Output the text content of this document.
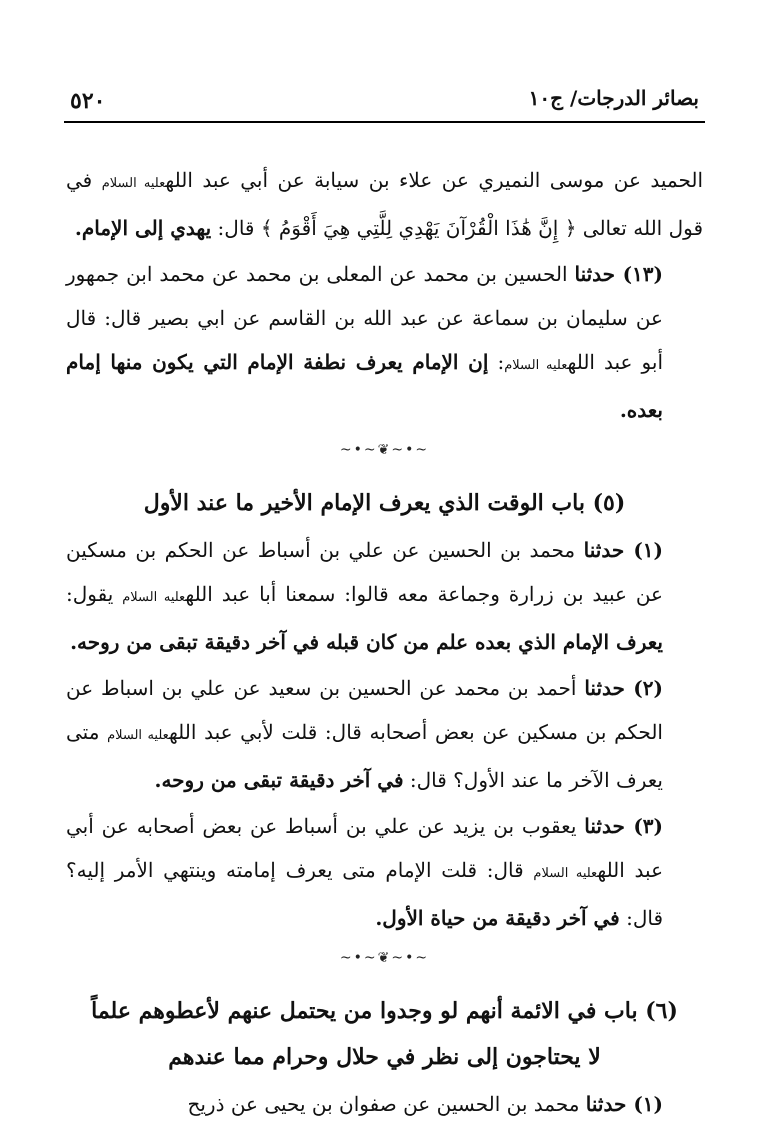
بصائر الدرجات/ ج١٠
٥٢٠

الحميد عن موسى النميري عن علاء بن سيابة عن أبي عبد اللهعليه السلام في قول الله تعالى ﴿ إِنَّ هَٰذَا الْقُرْآنَ يَهْدِي لِلَّتِي هِيَ أَقْوَمُ ﴾ قال: يهدي إلى الإمام.

(١٣) حدثنا الحسين بن محمد عن المعلى بن محمد عن محمد ابن جمهور عن سليمان بن سماعة عن عبد الله بن القاسم عن ابي بصير قال: قال أبو عبد اللهعليه السلام: إن الإمام يعرف نطفة الإمام التي يكون منها إمام بعده.

~•~❦~•~
(٥) باب الوقت الذي يعرف الإمام الأخير ما عند الأول

(١) حدثنا محمد بن الحسين عن علي بن أسباط عن الحكم بن مسكين عن عبيد بن زرارة وجماعة معه قالوا: سمعنا أبا عبد اللهعليه السلام يقول: يعرف الإمام الذي بعده علم من كان قبله في آخر دقيقة تبقى من روحه.

(٢) حدثنا أحمد بن محمد عن الحسين بن سعيد عن علي بن اسباط عن الحكم بن مسكين عن بعض أصحابه قال: قلت لأبي عبد اللهعليه السلام متى يعرف الآخر ما عند الأول؟ قال: في آخر دقيقة تبقى من روحه.

(٣) حدثنا يعقوب بن يزيد عن علي بن أسباط عن بعض أصحابه عن أبي عبد اللهعليه السلام قال: قلت الإمام متى يعرف إمامته وينتهي الأمر إليه؟ قال: في آخر دقيقة من حياة الأول.

~•~❦~•~
(٦) باب في الائمة أنهم لو وجدوا من يحتمل عنهم لأعطوهم علماً
لا يحتاجون إلى نظر في حلال وحرام مما عندهم

(١) حدثنا محمد بن الحسين عن صفوان بن يحيى عن ذريح
